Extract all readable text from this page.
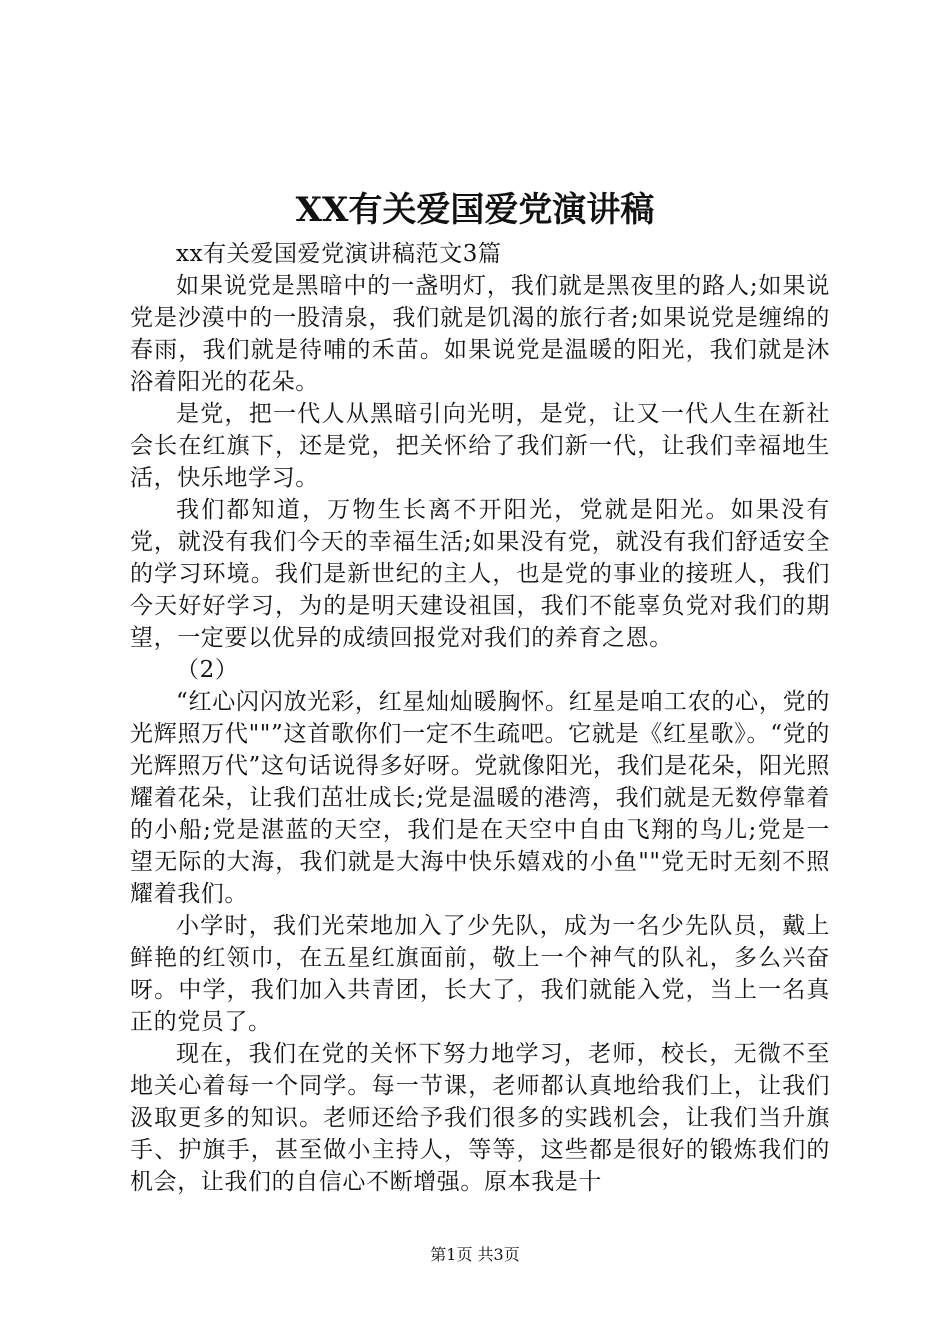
XX有关爱国爱党演讲稿

xx有关爱国爱党演讲稿范文3篇

如果说党是黑暗中的一盏明灯，我们就是黑夜里的路人;如果说党是沙漠中的一股清泉，我们就是饥渴的旅行者;如果说党是缠绵的春雨，我们就是待哺的禾苗。如果说党是温暖的阳光，我们就是沐浴着阳光的花朵。

是党，把一代人从黑暗引向光明，是党，让又一代人生在新社会长在红旗下，还是党，把关怀给了我们新一代，让我们幸福地生活，快乐地学习。

我们都知道，万物生长离不开阳光，党就是阳光。如果没有党，就没有我们今天的幸福生活;如果没有党，就没有我们舒适安全的学习环境。我们是新世纪的主人，也是党的事业的接班人，我们今天好好学习，为的是明天建设祖国，我们不能辜负党对我们的期望，一定要以优异的成绩回报党对我们的养育之恩。

（2）

“红心闪闪放光彩，红星灿灿暖胸怀。红星是咱工农的心，党的光辉照万代""”这首歌你们一定不生疏吧。它就是《红星歌》。“党的光辉照万代”这句话说得多好呀。党就像阳光，我们是花朵，阳光照耀着花朵，让我们茁壮成长;党是温暖的港湾，我们就是无数停靠着的小船;党是湛蓝的天空，我们是在天空中自由飞翔的鸟儿;党是一望无际的大海，我们就是大海中快乐嬉戏的小鱼""党无时无刻不照耀着我们。

小学时，我们光荣地加入了少先队，成为一名少先队员，戴上鲜艳的红领巾，在五星红旗面前，敬上一个神气的队礼，多么兴奋呀。中学，我们加入共青团，长大了，我们就能入党，当上一名真正的党员了。

现在，我们在党的关怀下努力地学习，老师，校长，无微不至地关心着每一个同学。每一节课，老师都认真地给我们上，让我们汲取更多的知识。老师还给予我们很多的实践机会，让我们当升旗手、护旗手，甚至做小主持人，等等，这些都是很好的锻炼我们的机会，让我们的自信心不断增强。原本我是十

第1页 共3页
